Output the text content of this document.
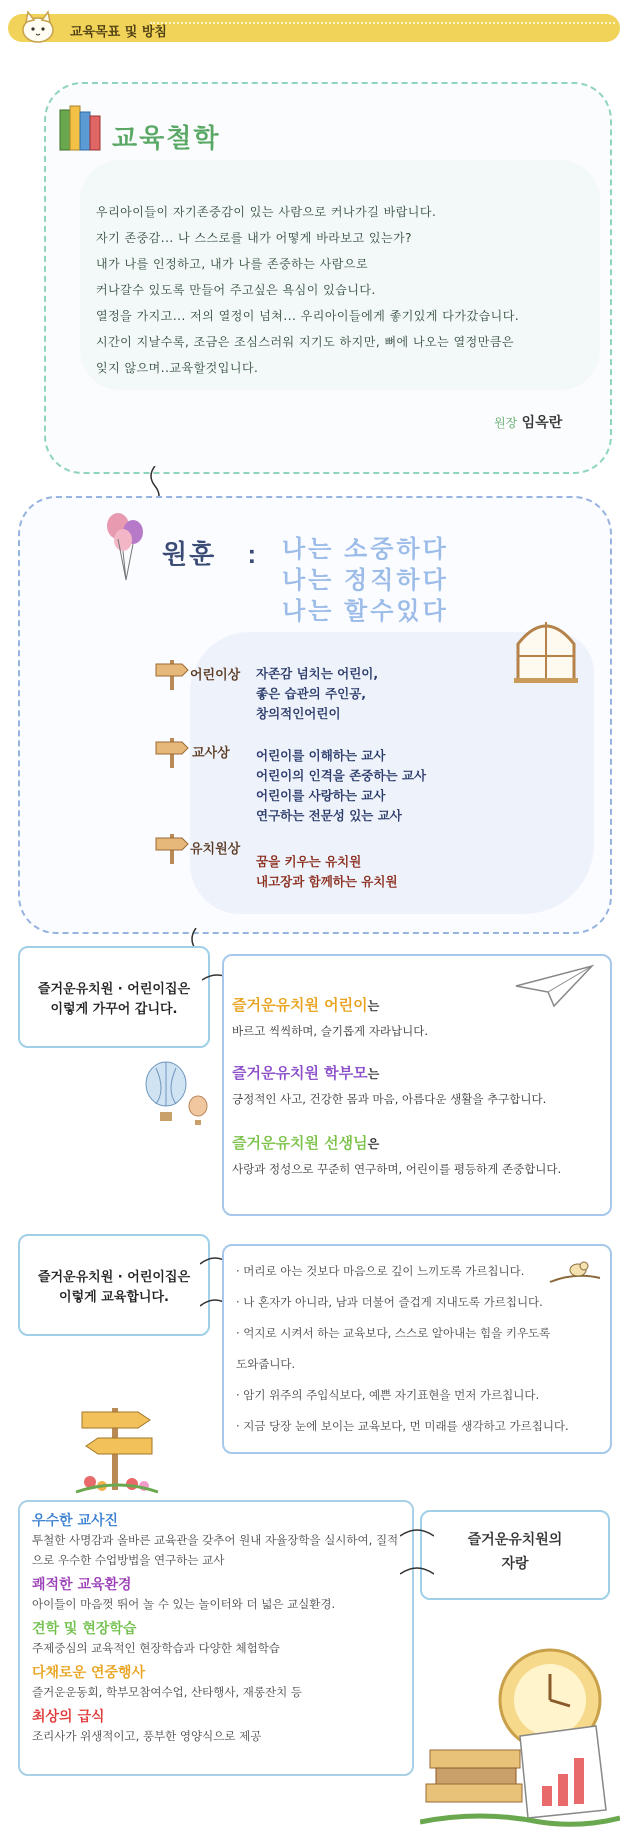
교육목표 및 방침
교육철학
우리아이들이 자기존중감이 있는 사람으로 커나가길 바랍니다.
자기 존중감... 나 스스로를 내가 어떻게 바라보고 있는가?
내가 나를 인정하고, 내가 나를 존중하는 사람으로
커나갈수 있도록 만들어 주고싶은 욕심이 있습니다.
열정을 가지고... 저의 열정이 넘쳐... 우리아이들에게 좋기있게 다가갔습니다.
시간이 지날수록, 조금은 조심스러워 지기도 하지만, 뼈에 나오는 열정만큼은
잊지 않으며..교육할것입니다.
원장 임옥란
원훈 : 나는 소중하다
나는 정직하다
나는 할수있다
어린이상 자존감 넘치는 어린이,
좋은 습관의 주인공,
창의적인어린이
교사상 어린이를 이해하는 교사
어린이의 인격을 존중하는 교사
어린이를 사랑하는 교사
연구하는 전문성 있는 교사
유치원상
꿈을 키우는 유치원
내고장과 함께하는 유치원
즐거운유치원 · 어린이집은
이렇게 가꾸어 갑니다.	즐거운유치원 어린이는
바르고 씩씩하며, 슬기롭게 자라납니다.
즐거운유치원 학부모는
긍정적인 사고, 건강한 몸과 마음, 아름다운 생활을 추구합니다.
즐거운유치원 선생님은
사랑과 정성으로 꾸준히 연구하며, 어린이를 평등하게 존중합니다.
즐거운유치원 · 어린이집은
이렇게 교육합니다.
· 머리로 아는 것보다 마음으로 깊이 느끼도록 가르칩니다.
· 나 혼자가 아니라, 남과 더불어 즐겁게 지내도록 가르칩니다.
· 억지로 시켜서 하는 교육보다, 스스로 알아내는 힘을 키우도록
도와줍니다.
· 암기 위주의 주입식보다, 예쁜 자기표현을 먼저 가르칩니다.
· 지금 당장 눈에 보이는 교육보다, 먼 미래를 생각하고 가르칩니다.
즐거운유치원의
자랑
우수한 교사진
투철한 사명감과 올바른 교육관을 갖추어 원내 자율장학을 실시하여, 질적으로 우수한 수업방법을 연구하는 교사
쾌적한 교육환경
아이들이 마음껏 뛰어 놀 수 있는 놀이터와 더 넓은 교실환경.
견학 및 현장학습
주제중심의 교육적인 현장학습과 다양한 체험학습
다채로운 연중행사
즐거운운동회, 학부모참여수업, 산타행사, 재롱잔치 등
최상의 급식
조리사가 위생적이고, 풍부한 영양식으로 제공
